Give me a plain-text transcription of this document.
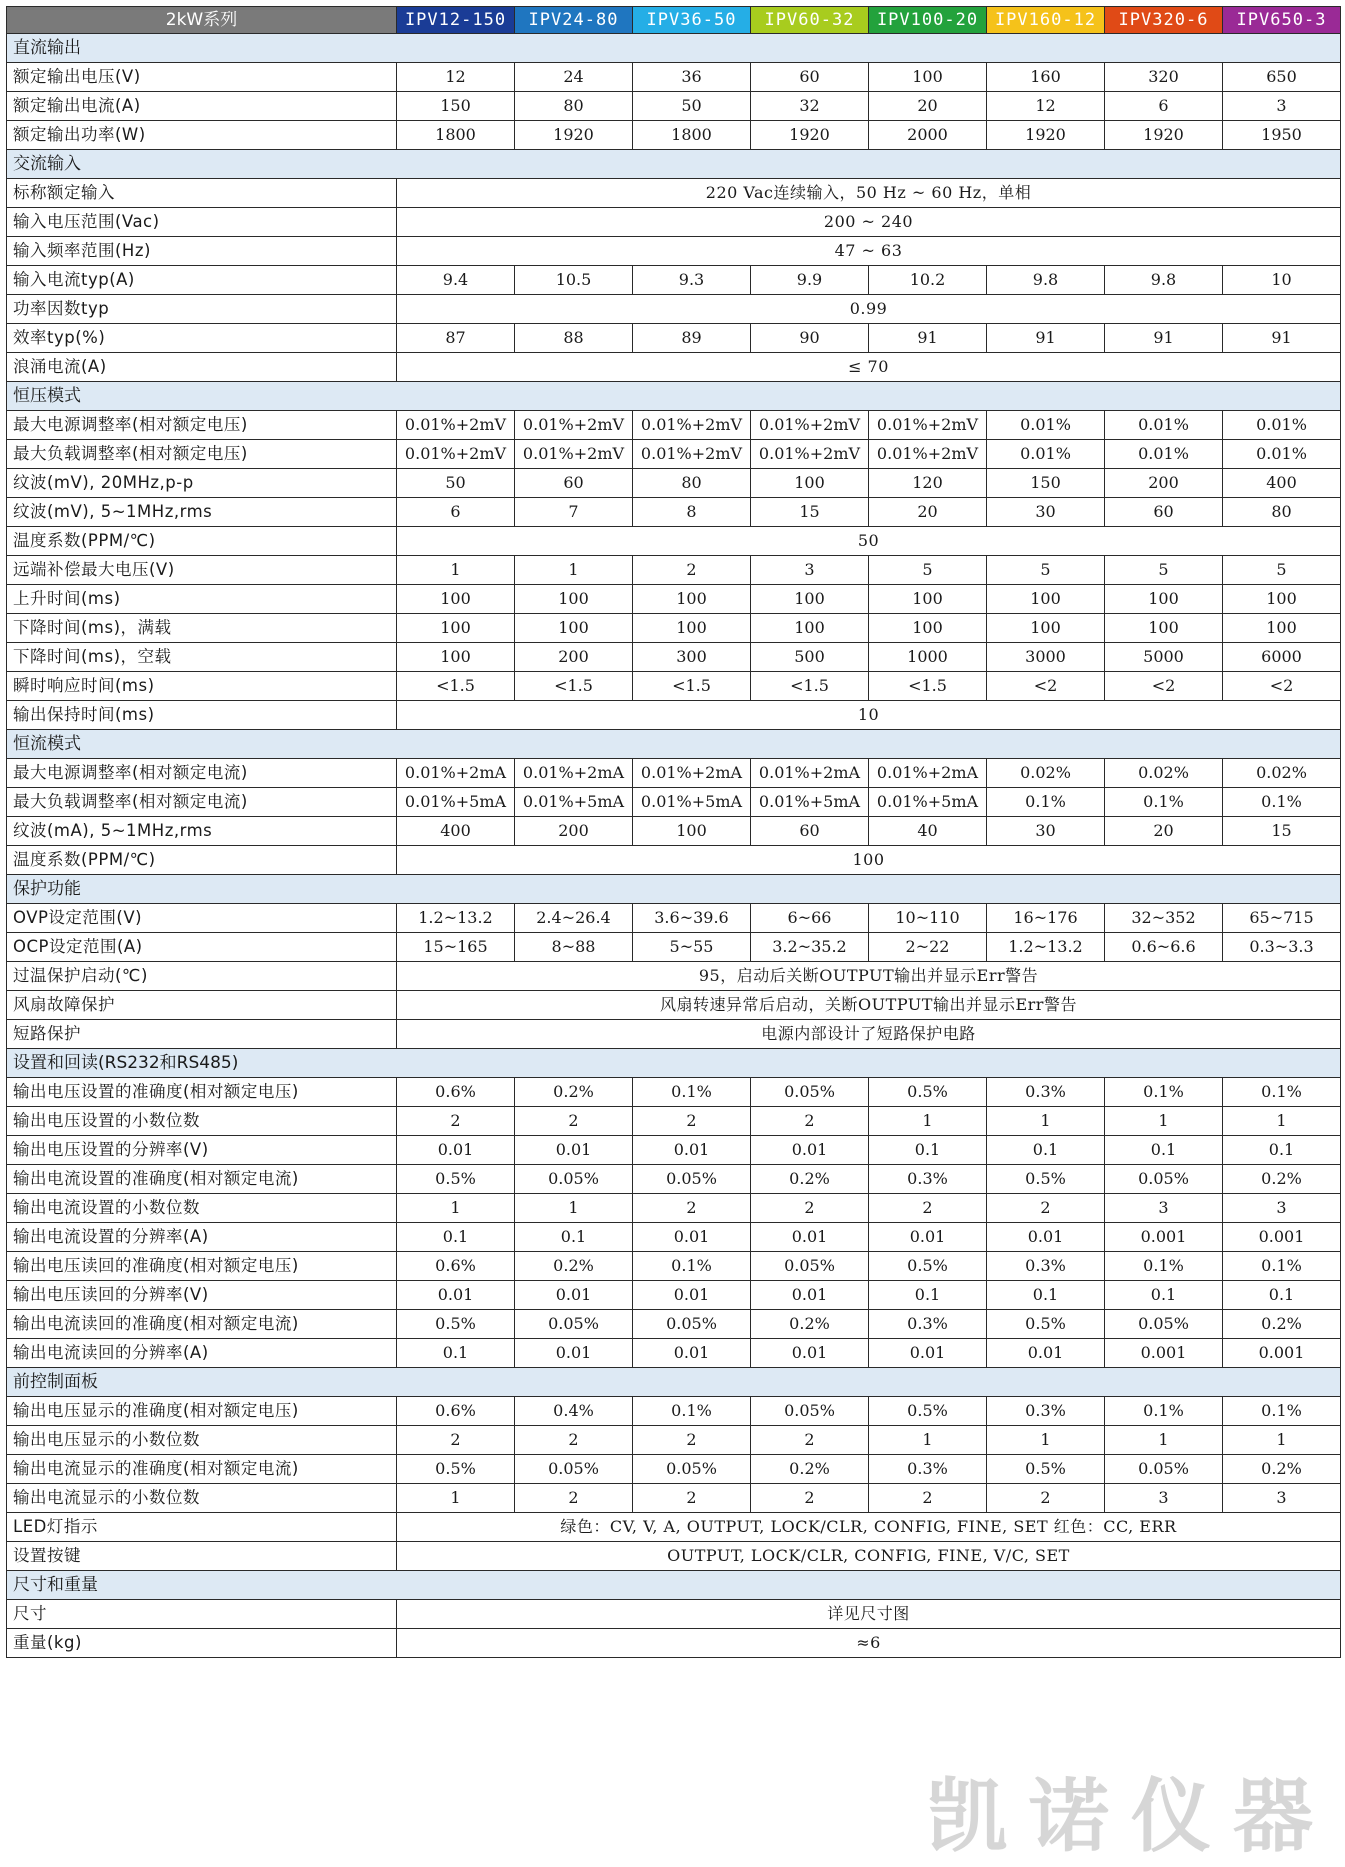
2kW系列	IPV12-150	IPV24-80	IPV36-50	IPV60-32	IPV100-20	IPV160-12	IPV320-6	IPV650-3
直流输出								
额定输出电压(V)	12	24	36	60	100	160	320	650
额定输出电流(A)	150	80	50	32	20	12	6	3
额定输出功率(W)	1800	1920	1800	1920	2000	1920	1920	1950
交流输入								
标称额定输入	220 Vac连续输入，50 Hz ~ 60 Hz，单相							
输入电压范围(Vac)	200 ~ 240							
输入频率范围(Hz)	47 ~ 63							
输入电流typ(A)	9.4	10.5	9.3	9.9	10.2	9.8	9.8	10
功率因数typ	0.99							
效率typ(%)	87	88	89	90	91	91	91	91
浪涌电流(A)	≤ 70							
恒压模式								
最大电源调整率(相对额定电压)	0.01%+2mV	0.01%+2mV	0.01%+2mV	0.01%+2mV	0.01%+2mV	0.01%	0.01%	0.01%
最大负载调整率(相对额定电压)	0.01%+2mV	0.01%+2mV	0.01%+2mV	0.01%+2mV	0.01%+2mV	0.01%	0.01%	0.01%
纹波(mV), 20MHz,p-p	50	60	80	100	120	150	200	400
纹波(mV), 5~1MHz,rms	6	7	8	15	20	30	60	80
温度系数(PPM/℃)	50							
远端补偿最大电压(V)	1	1	2	3	5	5	5	5
上升时间(ms)	100	100	100	100	100	100	100	100
下降时间(ms)，满载	100	100	100	100	100	100	100	100
下降时间(ms)，空载	100	200	300	500	1000	3000	5000	6000
瞬时响应时间(ms)	<1.5	<1.5	<1.5	<1.5	<1.5	<2	<2	<2
输出保持时间(ms)	10							
恒流模式								
最大电源调整率(相对额定电流)	0.01%+2mA	0.01%+2mA	0.01%+2mA	0.01%+2mA	0.01%+2mA	0.02%	0.02%	0.02%
最大负载调整率(相对额定电流)	0.01%+5mA	0.01%+5mA	0.01%+5mA	0.01%+5mA	0.01%+5mA	0.1%	0.1%	0.1%
纹波(mA), 5~1MHz,rms	400	200	100	60	40	30	20	15
温度系数(PPM/℃)	100							
保护功能								
OVP设定范围(V)	1.2~13.2	2.4~26.4	3.6~39.6	6~66	10~110	16~176	32~352	65~715
OCP设定范围(A)	15~165	8~88	5~55	3.2~35.2	2~22	1.2~13.2	0.6~6.6	0.3~3.3
过温保护启动(℃)	95，启动后关断OUTPUT输出并显示Err警告							
风扇故障保护	风扇转速异常后启动，关断OUTPUT输出并显示Err警告							
短路保护	电源内部设计了短路保护电路							
设置和回读(RS232和RS485)								
输出电压设置的准确度(相对额定电压)	0.6%	0.2%	0.1%	0.05%	0.5%	0.3%	0.1%	0.1%
输出电压设置的小数位数	2	2	2	2	1	1	1	1
输出电压设置的分辨率(V)	0.01	0.01	0.01	0.01	0.1	0.1	0.1	0.1
输出电流设置的准确度(相对额定电流)	0.5%	0.05%	0.05%	0.2%	0.3%	0.5%	0.05%	0.2%
输出电流设置的小数位数	1	1	2	2	2	2	3	3
输出电流设置的分辨率(A)	0.1	0.1	0.01	0.01	0.01	0.01	0.001	0.001
输出电压读回的准确度(相对额定电压)	0.6%	0.2%	0.1%	0.05%	0.5%	0.3%	0.1%	0.1%
输出电压读回的分辨率(V)	0.01	0.01	0.01	0.01	0.1	0.1	0.1	0.1
输出电流读回的准确度(相对额定电流)	0.5%	0.05%	0.05%	0.2%	0.3%	0.5%	0.05%	0.2%
输出电流读回的分辨率(A)	0.1	0.01	0.01	0.01	0.01	0.01	0.001	0.001
前控制面板								
输出电压显示的准确度(相对额定电压)	0.6%	0.4%	0.1%	0.05%	0.5%	0.3%	0.1%	0.1%
输出电压显示的小数位数	2	2	2	2	1	1	1	1
输出电流显示的准确度(相对额定电流)	0.5%	0.05%	0.05%	0.2%	0.3%	0.5%	0.05%	0.2%
输出电流显示的小数位数	1	2	2	2	2	2	3	3
LED灯指示	绿色：CV, V, A, OUTPUT, LOCK/CLR, CONFIG, FINE, SET 红色：CC, ERR							
设置按键	OUTPUT, LOCK/CLR, CONFIG, FINE, V/C, SET							
尺寸和重量								
尺寸	详见尺寸图							
重量(kg)	≈6							
凯诺仪器
